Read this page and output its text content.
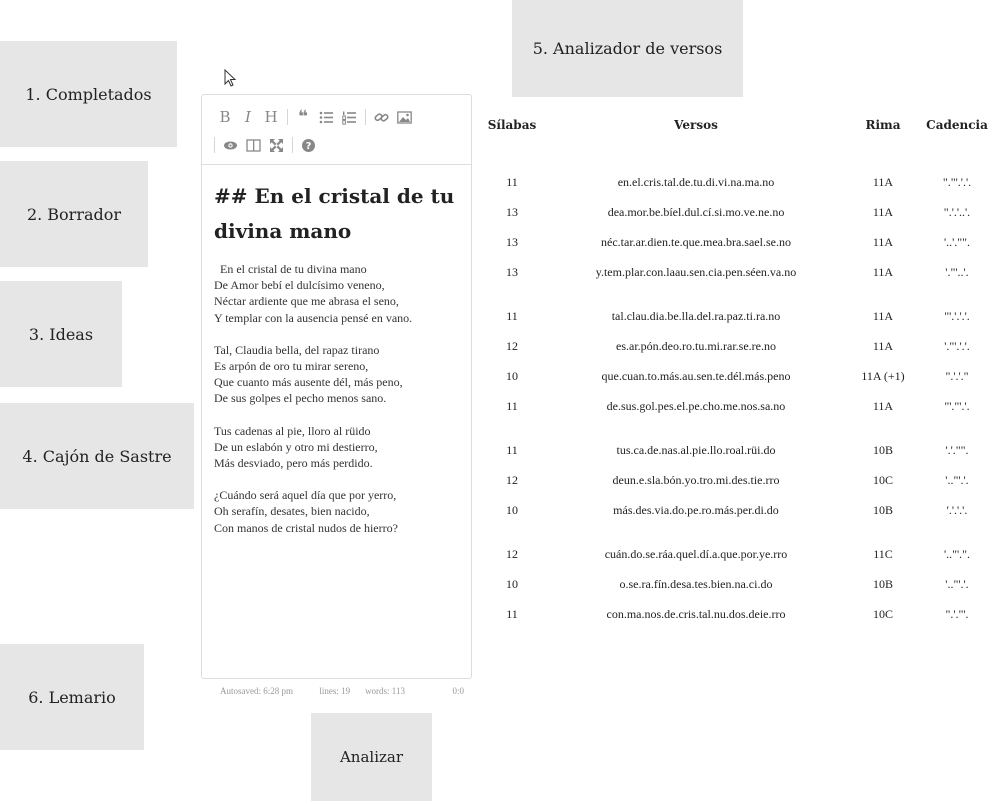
1. Completados
2. Borrador
3. Ideas
4. Cajón de Sastre
5. Analizador de versos
6. Lemario
Analizar
B I H	❝
?
## En el cristal de tu divina mano
En el cristal de tu divina mano
De Amor bebí el dulcísimo veneno,
Néctar ardiente que me abrasa el seno,
Y templar con la ausencia pensé en vano.
Tal, Claudia bella, del rapaz tirano
Es arpón de oro tu mirar sereno,
Que cuanto más ausente dél, más peno,
De sus golpes el pecho menos sano.
Tus cadenas al pie, lloro al rüido
De un eslabón y otro mi destierro,
Más desviado, pero más perdido.
¿Cuándo será aquel día que por yerro,
Oh serafín, desates, bien nacido,
Con manos de cristal nudos de hierro?
Autosaved: 6:28 pm	lines: 19	words: 113	0:0
Sílabas	Versos	Rima	Cadencia
11	en.el.cris.tal.de.tu.di.vi.na.ma.no	11A	"."'.'.'.
13	dea.mor.be.bíel.dul.cí.si.mo.ve.ne.no	11A	".'.'..'.
13	néc.tar.ar.dien.te.que.mea.bra.sael.se.no	11A	'..'."".
13	y.tem.plar.con.laau.sen.cia.pen.séen.va.no	11A	'."'..'.
11	tal.clau.dia.be.lla.del.ra.paz.ti.ra.no	11A	"'.'.'.'.
12	es.ar.pón.deo.ro.tu.mi.rar.se.re.no	11A	'."'.'.'.
10	que.cuan.to.más.au.sen.te.dél.más.peno	11A (+1)	".'.'."
11	de.sus.gol.pes.el.pe.cho.me.nos.sa.no	11A	"'."'.'.
11	tus.ca.de.nas.al.pie.llo.roal.rüi.do	10B	'.'."".
12	deun.e.sla.bón.yo.tro.mi.des.tie.rro	10C	'.."'.'.
10	más.des.via.do.pe.ro.más.per.di.do	10B	'.'.'.'.
12	cuán.do.se.ráa.quel.dí.a.que.por.ye.rro	11C	'.."'.".
10	o.se.ra.fín.desa.tes.bien.na.ci.do	10B	'.."'.'.
11	con.ma.nos.de.cris.tal.nu.dos.deie.rro	10C	".'."'.
